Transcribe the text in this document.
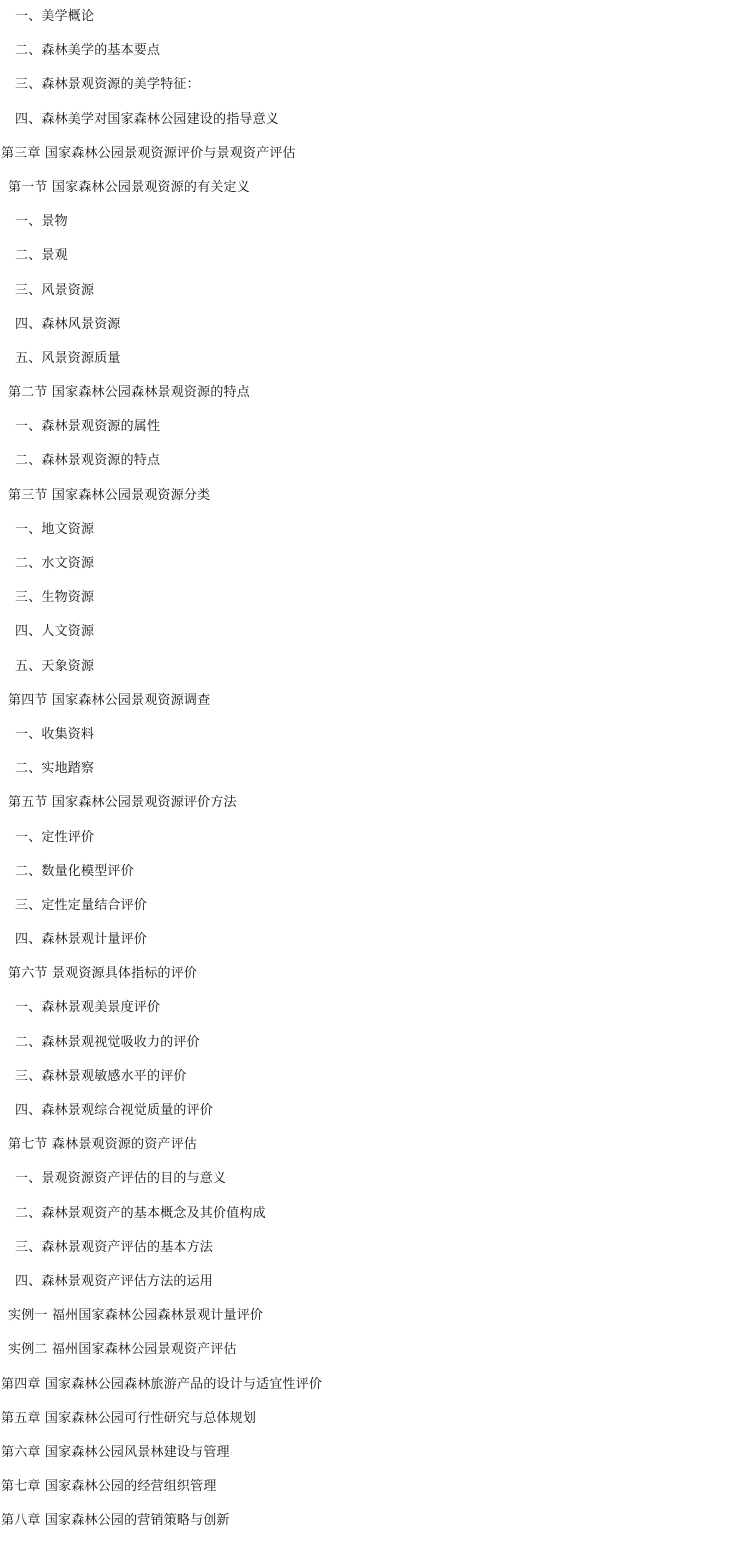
一、美学概论
二、森林美学的基本要点
三、森林景观资源的美学特征：
四、森林美学对国家森林公园建设的指导意义
第三章 国家森林公园景观资源评价与景观资产评估
第一节 国家森林公园景观资源的有关定义
一、景物
二、景观
三、风景资源
四、森林风景资源
五、风景资源质量
第二节 国家森林公园森林景观资源的特点
一、森林景观资源的属性
二、森林景观资源的特点
第三节 国家森林公园景观资源分类
一、地文资源
二、水文资源
三、生物资源
四、人文资源
五、天象资源
第四节 国家森林公园景观资源调查
一、收集资料
二、实地踏察
第五节 国家森林公园景观资源评价方法
一、定性评价
二、数量化模型评价
三、定性定量结合评价
四、森林景观计量评价
第六节 景观资源具体指标的评价
一、森林景观美景度评价
二、森林景观视觉吸收力的评价
三、森林景观敏感水平的评价
四、森林景观综合视觉质量的评价
第七节 森林景观资源的资产评估
一、景观资源资产评估的目的与意义
二、森林景观资产的基本概念及其价值构成
三、森林景观资产评估的基本方法
四、森林景观资产评估方法的运用
实例一 福州国家森林公园森林景观计量评价
实例二 福州国家森林公园景观资产评估
第四章 国家森林公园森林旅游产品的设计与适宜性评价
第五章 国家森林公园可行性研究与总体规划
第六章 国家森林公园风景林建设与管理
第七章 国家森林公园的经营组织管理
第八章 国家森林公园的营销策略与创新
